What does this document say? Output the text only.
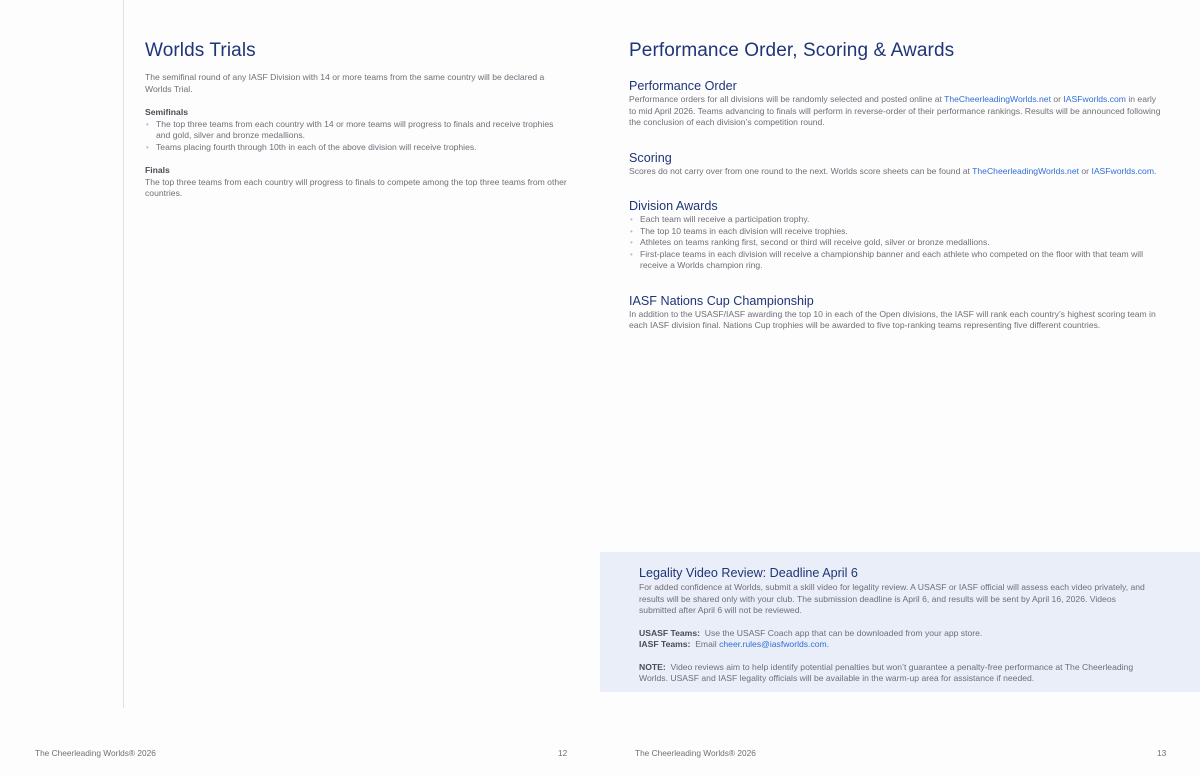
Worlds Trials

The semifinal round of any IASF Division with 14 or more teams from the same country will be declared a Worlds Trial.

Semifinals

• The top three teams from each country with 14 or more teams will progress to finals and receive trophies and gold, silver and bronze medallions.
• Teams placing fourth through 10th in each of the above division will receive trophies.

Finals

The top three teams from each country will progress to finals to compete among the top three teams from other countries.

The Cheerleading Worlds® 2026	12
Performance Order, Scoring & Awards
Performance Order

Performance orders for all divisions will be randomly selected and posted online at TheCheerleadingWorlds.net or IASFworlds.com in early to mid April 2026. Teams advancing to finals will perform in reverse-order of their performance rankings. Results will be announced following the conclusion of each division’s competition round.

Scoring

Scores do not carry over from one round to the next. Worlds score sheets can be found at TheCheerleadingWorlds.net or IASFworlds.com.

Division Awards
• Each team will receive a participation trophy.
• The top 10 teams in each division will receive trophies.
• Athletes on teams ranking first, second or third will receive gold, silver or bronze medallions.
• First-place teams in each division will receive a championship banner and each athlete who competed on the floor with that team will receive a Worlds champion ring.
IASF Nations Cup Championship

In addition to the USASF/IASF awarding the top 10 in each of the Open divisions, the IASF will rank each country’s highest scoring team in each IASF division final. Nations Cup trophies will be awarded to five top-ranking teams representing five different countries.

Legality Video Review: Deadline April 6

For added confidence at Worlds, submit a skill video for legality review. A USASF or IASF official will assess each video privately, and results will be shared only with your club. The submission deadline is April 6, and results will be sent by April 16, 2026. Videos submitted after April 6 will not be reviewed.

USASF Teams: Use the USASF Coach app that can be downloaded from your app store.

IASF Teams: Email cheer.rules@iasfworlds.com.

NOTE: Video reviews aim to help identify potential penalties but won’t guarantee a penalty-free performance at The Cheerleading Worlds. USASF and IASF legality officials will be available in the warm-up area for assistance if needed.

The Cheerleading Worlds® 2026	13
